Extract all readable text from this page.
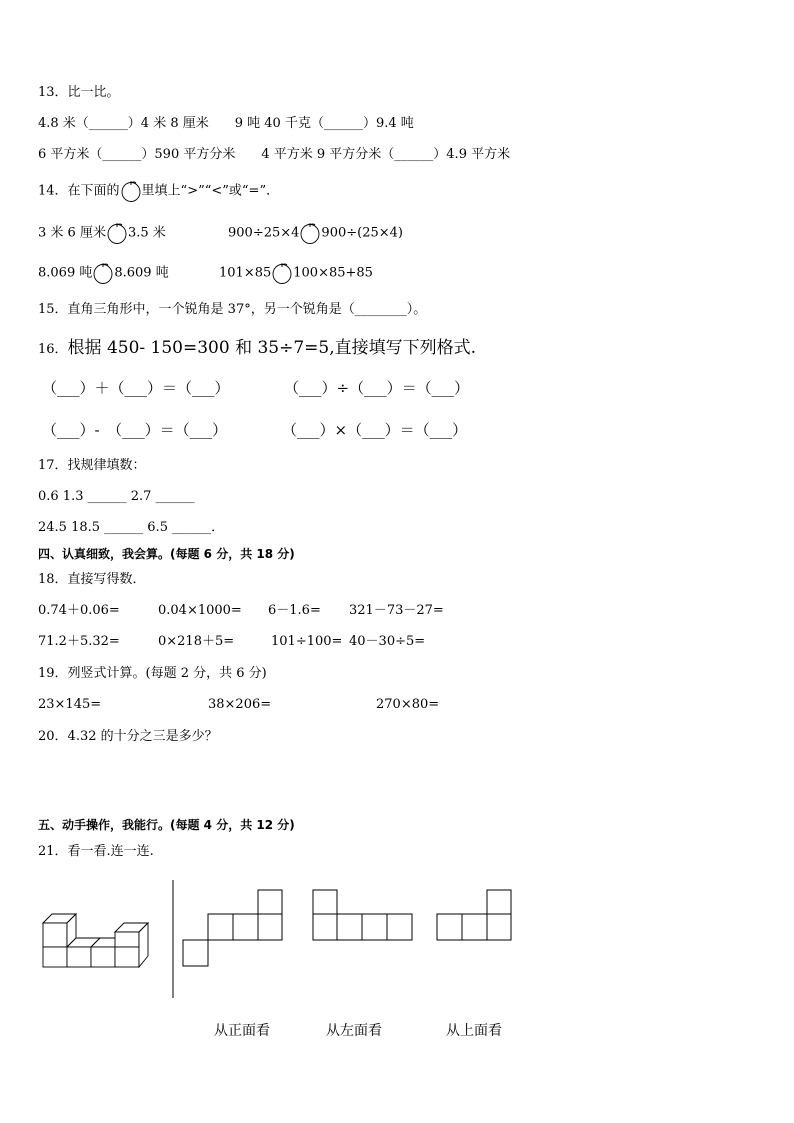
13．比一比。
4.8 米（______）4 米 8 厘米　　9 吨 40 千克（______）9.4 吨
6 平方米（______）590 平方分米　　4 平方米 9 平方分米（______）4.9 平方米
14．在下面的 里填上“>”“<”或“=”．
3 米 6 厘米 3.5 米	900÷25×4 900÷(25×4)
8.069 吨 8.609 吨	101×85 100×85+85
15．直角三角形中，一个锐角是 37°，另一个锐角是（________）。
16．根据 450- 150=300 和 35÷7=5,直接填写下列格式.
（___）＋（___）＝（___）	（___）÷（___）＝（___）
（___）-　（___）＝（___）	（___）×（___）＝（___）
17．找规律填数：
0.6 1.3 ______ 2.7 ______
24.5 18.5 ______ 6.5 ______．
四、认真细致，我会算。(每题 6 分，共 18 分)
18．直接写得数．
0.74＋0.06=	0.04×1000= 6－1.6= 321－73－27=
71.2＋5.32=	0×218＋5=	101÷100= 40－30÷5=
19．列竖式计算。(每题 2 分，共 6 分)
23×145=	38×206=	270×80=
20．4.32 的十分之三是多少？
五、动手操作，我能行。(每题 4 分，共 12 分)
21．看一看.连一连.
从正面看	从左面看	从上面看
